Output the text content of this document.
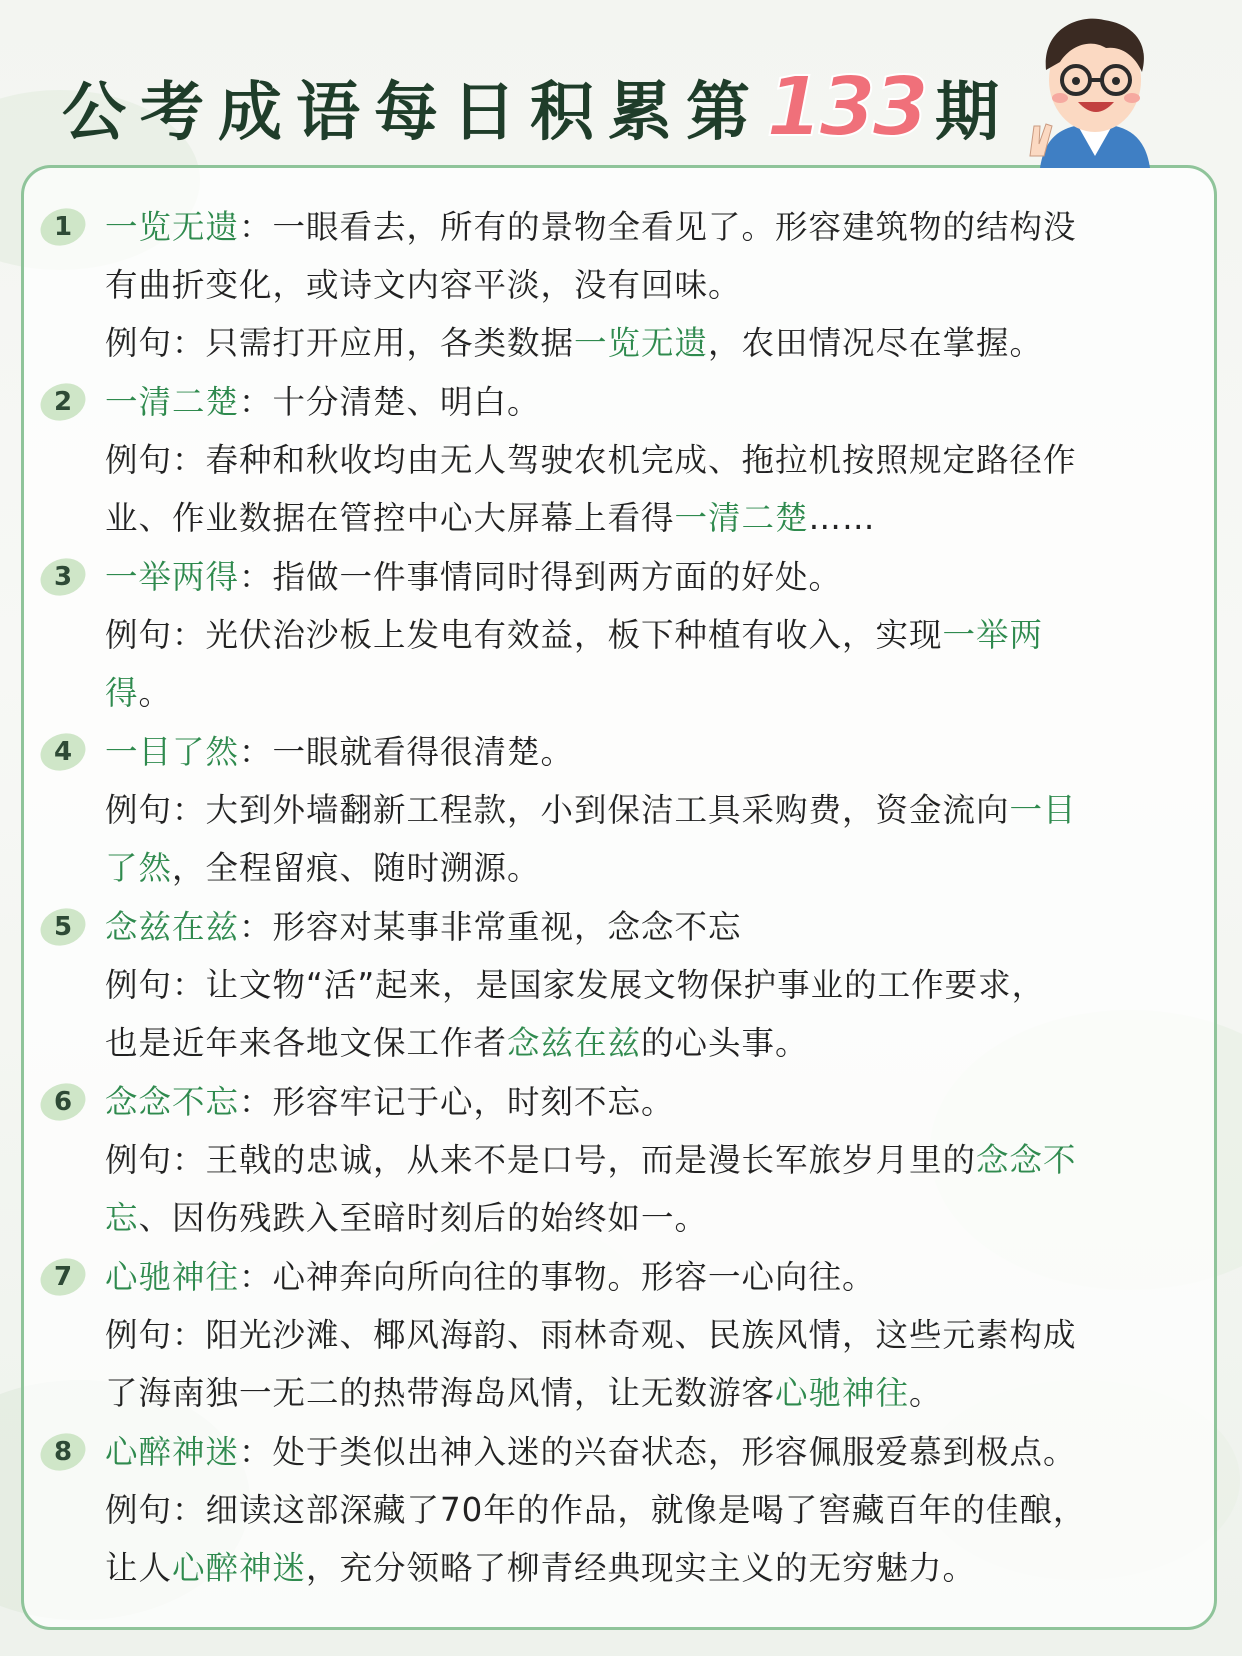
公考成语每日积累第 133 期
1 一览无遗：一眼看去，所有的景物全看见了。形容建筑物的结构没
有曲折变化，或诗文内容平淡，没有回味。
例句：只需打开应用，各类数据一览无遗，农田情况尽在掌握。
2 一清二楚：十分清楚、明白。
例句：春种和秋收均由无人驾驶农机完成、拖拉机按照规定路径作
业、作业数据在管控中心大屏幕上看得一清二楚……
3 一举两得：指做一件事情同时得到两方面的好处。
例句：光伏治沙板上发电有效益，板下种植有收入，实现一举两
得。
4 一目了然：一眼就看得很清楚。
例句：大到外墙翻新工程款，小到保洁工具采购费，资金流向一目
了然，全程留痕、随时溯源。
5 念兹在兹：形容对某事非常重视，念念不忘
例句：让文物“活”起来，是国家发展文物保护事业的工作要求，
也是近年来各地文保工作者念兹在兹的心头事。
6 念念不忘：形容牢记于心，时刻不忘。
例句：王戟的忠诚，从来不是口号，而是漫长军旅岁月里的念念不
忘、因伤残跌入至暗时刻后的始终如一。
7 心驰神往：心神奔向所向往的事物。形容一心向往。
例句：阳光沙滩、椰风海韵、雨林奇观、民族风情，这些元素构成
了海南独一无二的热带海岛风情，让无数游客心驰神往。
8 心醉神迷：处于类似出神入迷的兴奋状态，形容佩服爱慕到极点。
例句：细读这部深藏了70年的作品，就像是喝了窖藏百年的佳酿，
让人心醉神迷，充分领略了柳青经典现实主义的无穷魅力。
